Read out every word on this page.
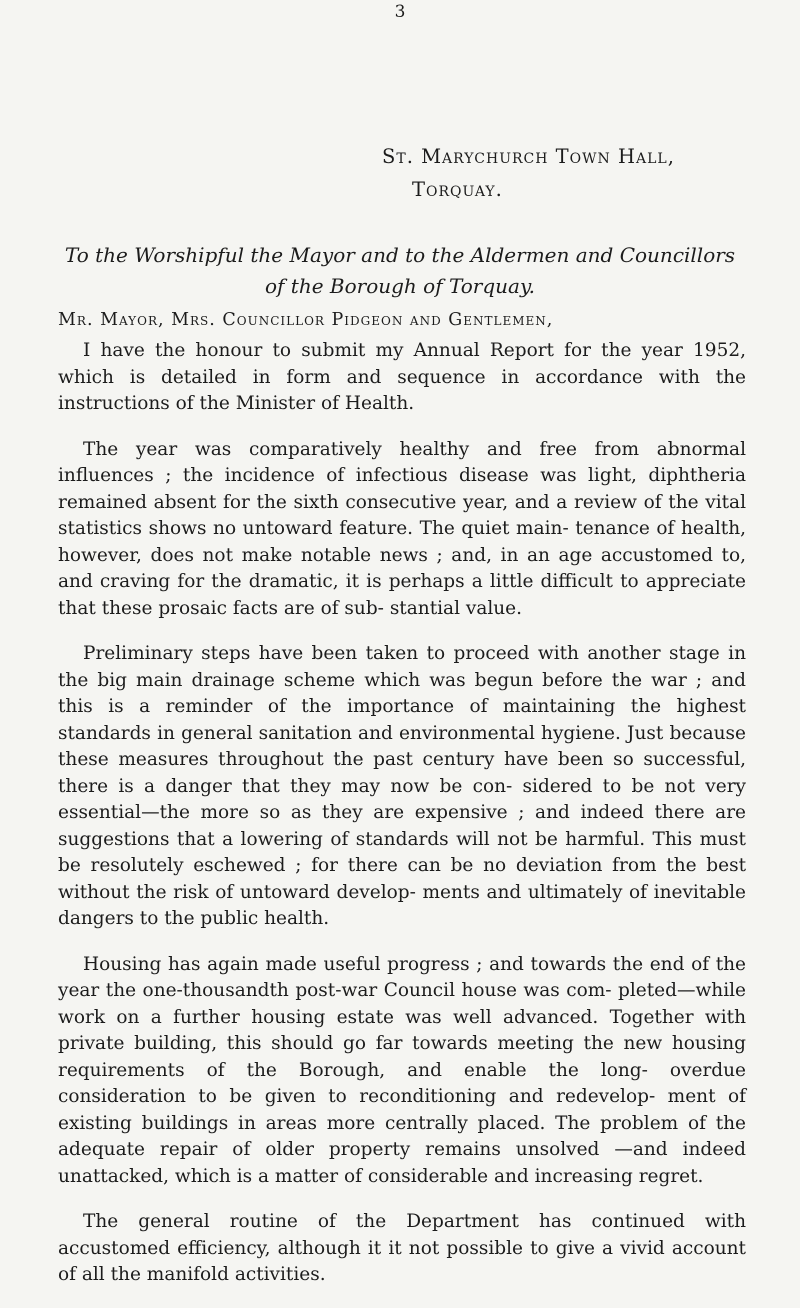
3
St. Marychurch Town Hall,
Torquay.
To the Worshipful the Mayor and to the Aldermen and Councillors
of the Borough of Torquay.
Mr. Mayor, Mrs. Councillor Pidgeon and Gentlemen,

I have the honour to submit my Annual Report for the year 1952, which is detailed in form and sequence in accordance with the instructions of the Minister of Health.

The year was comparatively healthy and free from abnormal influences ; the incidence of infectious disease was light, diphtheria remained absent for the sixth consecutive year, and a review of the vital statistics shows no untoward feature. The quiet main- tenance of health, however, does not make notable news ; and, in an age accustomed to, and craving for the dramatic, it is perhaps a little difficult to appreciate that these prosaic facts are of sub- stantial value.

Preliminary steps have been taken to proceed with another stage in the big main drainage scheme which was begun before the war ; and this is a reminder of the importance of maintaining the highest standards in general sanitation and environmental hygiene. Just because these measures throughout the past century have been so successful, there is a danger that they may now be con- sidered to be not very essential—the more so as they are expensive ; and indeed there are suggestions that a lowering of standards will not be harmful. This must be resolutely eschewed ; for there can be no deviation from the best without the risk of untoward develop- ments and ultimately of inevitable dangers to the public health.

Housing has again made useful progress ; and towards the end of the year the one-thousandth post-war Council house was com- pleted—while work on a further housing estate was well advanced. Together with private building, this should go far towards meeting the new housing requirements of the Borough, and enable the long- overdue consideration to be given to reconditioning and redevelop- ment of existing buildings in areas more centrally placed. The problem of the adequate repair of older property remains unsolved —and indeed unattacked, which is a matter of considerable and increasing regret.

The general routine of the Department has continued with accustomed efficiency, although it it not possible to give a vivid account of all the manifold activities.
